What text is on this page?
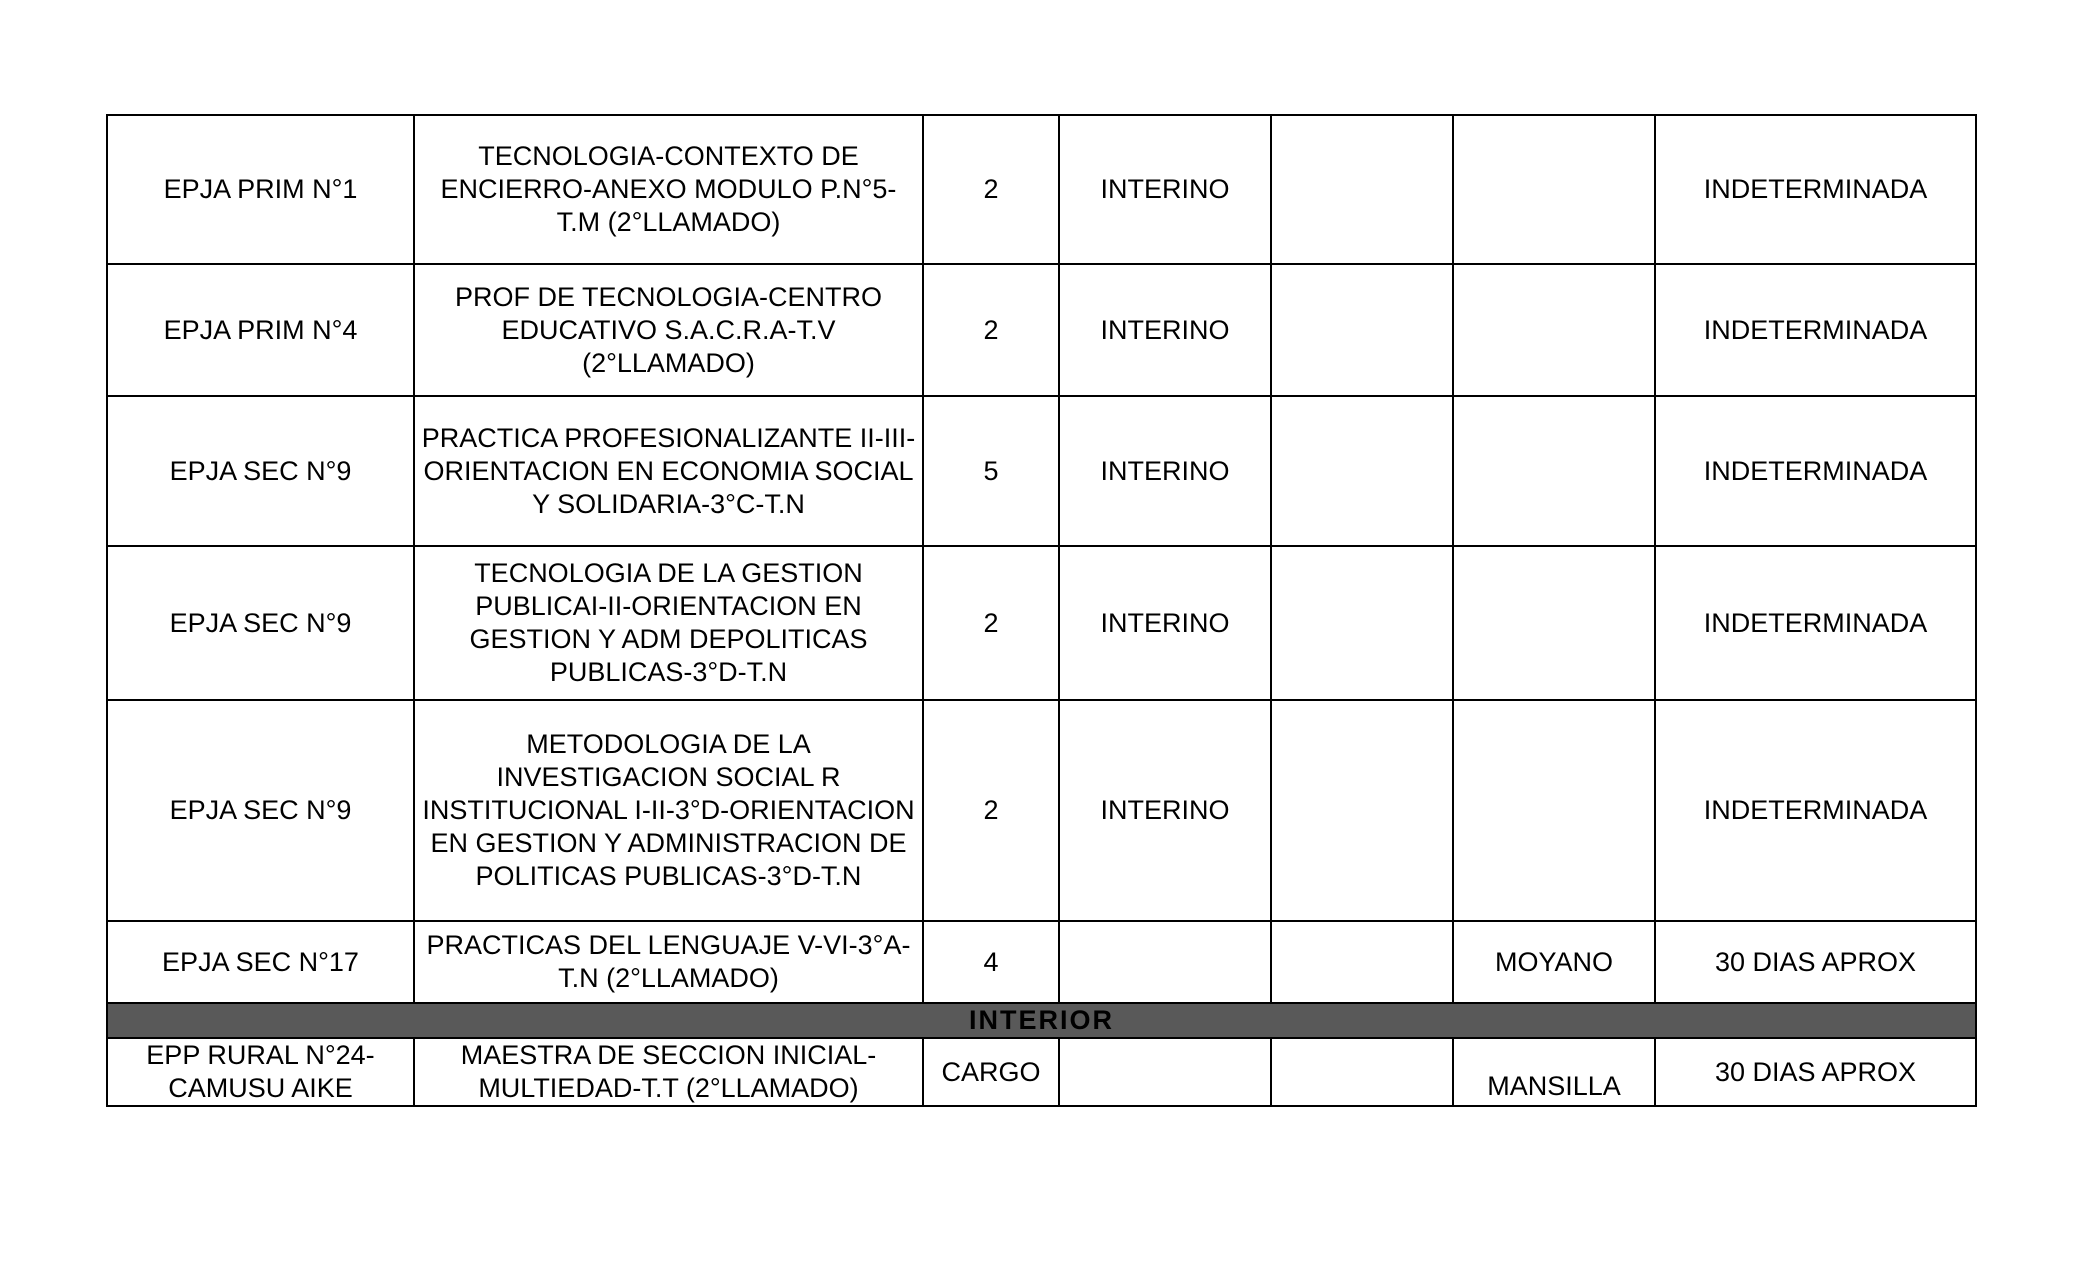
EPJA PRIM N°1	TECNOLOGIA-CONTEXTO DE ENCIERRO-ANEXO MODULO P.N°5-T.M (2°LLAMADO)	2	INTERINO			INDETERMINADA
EPJA PRIM N°4	PROF DE TECNOLOGIA-CENTRO EDUCATIVO S.A.C.R.A-T.V (2°LLAMADO)	2	INTERINO			INDETERMINADA
EPJA SEC N°9	PRACTICA PROFESIONALIZANTE II-III-ORIENTACION EN ECONOMIA SOCIAL Y SOLIDARIA-3°C-T.N	5	INTERINO			INDETERMINADA
EPJA SEC N°9	TECNOLOGIA DE LA GESTION PUBLICAI-II-ORIENTACION EN GESTION Y ADM DEPOLITICAS PUBLICAS-3°D-T.N	2	INTERINO			INDETERMINADA
EPJA SEC N°9	METODOLOGIA DE LA INVESTIGACION SOCIAL R INSTITUCIONAL I-II-3°D-ORIENTACION EN GESTION Y ADMINISTRACION DE POLITICAS PUBLICAS-3°D-T.N	2	INTERINO			INDETERMINADA
EPJA SEC N°17	PRACTICAS DEL LENGUAJE V-VI-3°A-T.N (2°LLAMADO)	4			MOYANO	30 DIAS APROX
INTERIOR						
EPP RURAL N°24-CAMUSU AIKE	MAESTRA DE SECCION INICIAL-MULTIEDAD-T.T (2°LLAMADO)	CARGO			MANSILLA	30 DIAS APROX
